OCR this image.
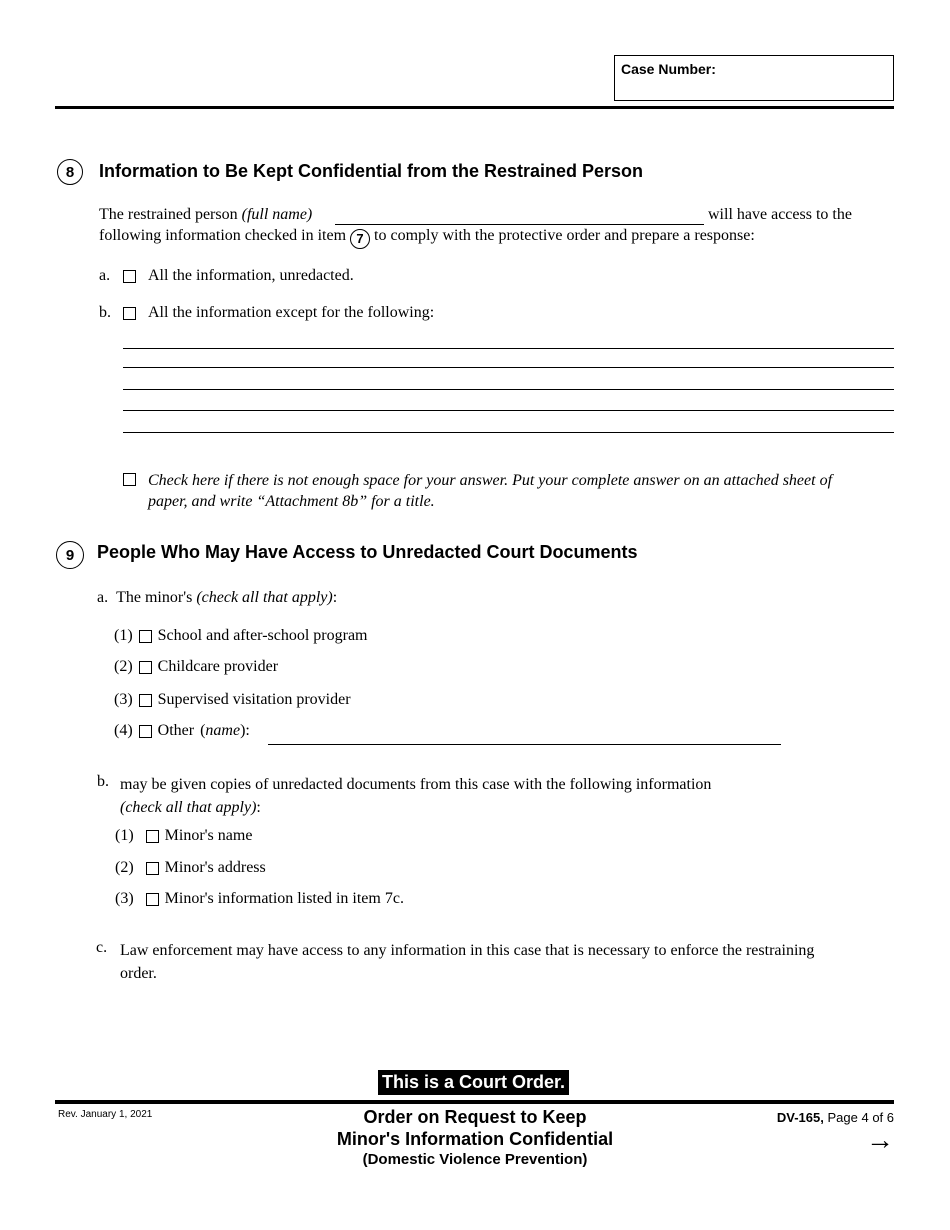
Case Number:
8	Information to Be Kept Confidential from the Restrained Person
The restrained person (full name)	will have access to the
following information checked in item 7 to comply with the protective order and prepare a response:
a. All the information, unredacted.
b. All the information except for the following:
Check here if there is not enough space for your answer. Put your complete answer on an attached sheet of
paper, and write “Attachment 8b” for a title.
9	People Who May Have Access to Unredacted Court Documents
a. The minor's (check all that apply):
(1) School and after-school program
(2) Childcare provider
(3) Supervised visitation provider
(4) Other (name):
b. may be given copies of unredacted documents from this case with the following information
(check all that apply):
(1) Minor's name
(2) Minor's address
(3) Minor's information listed in item 7c.
c. Law enforcement may have access to any information in this case that is necessary to enforce the restraining
order.
This is a Court Order.
Rev. January 1, 2021	Order on Request to Keep
Minor's Information Confidential
(Domestic Violence Prevention)
DV-165, Page 4 of 6
→
